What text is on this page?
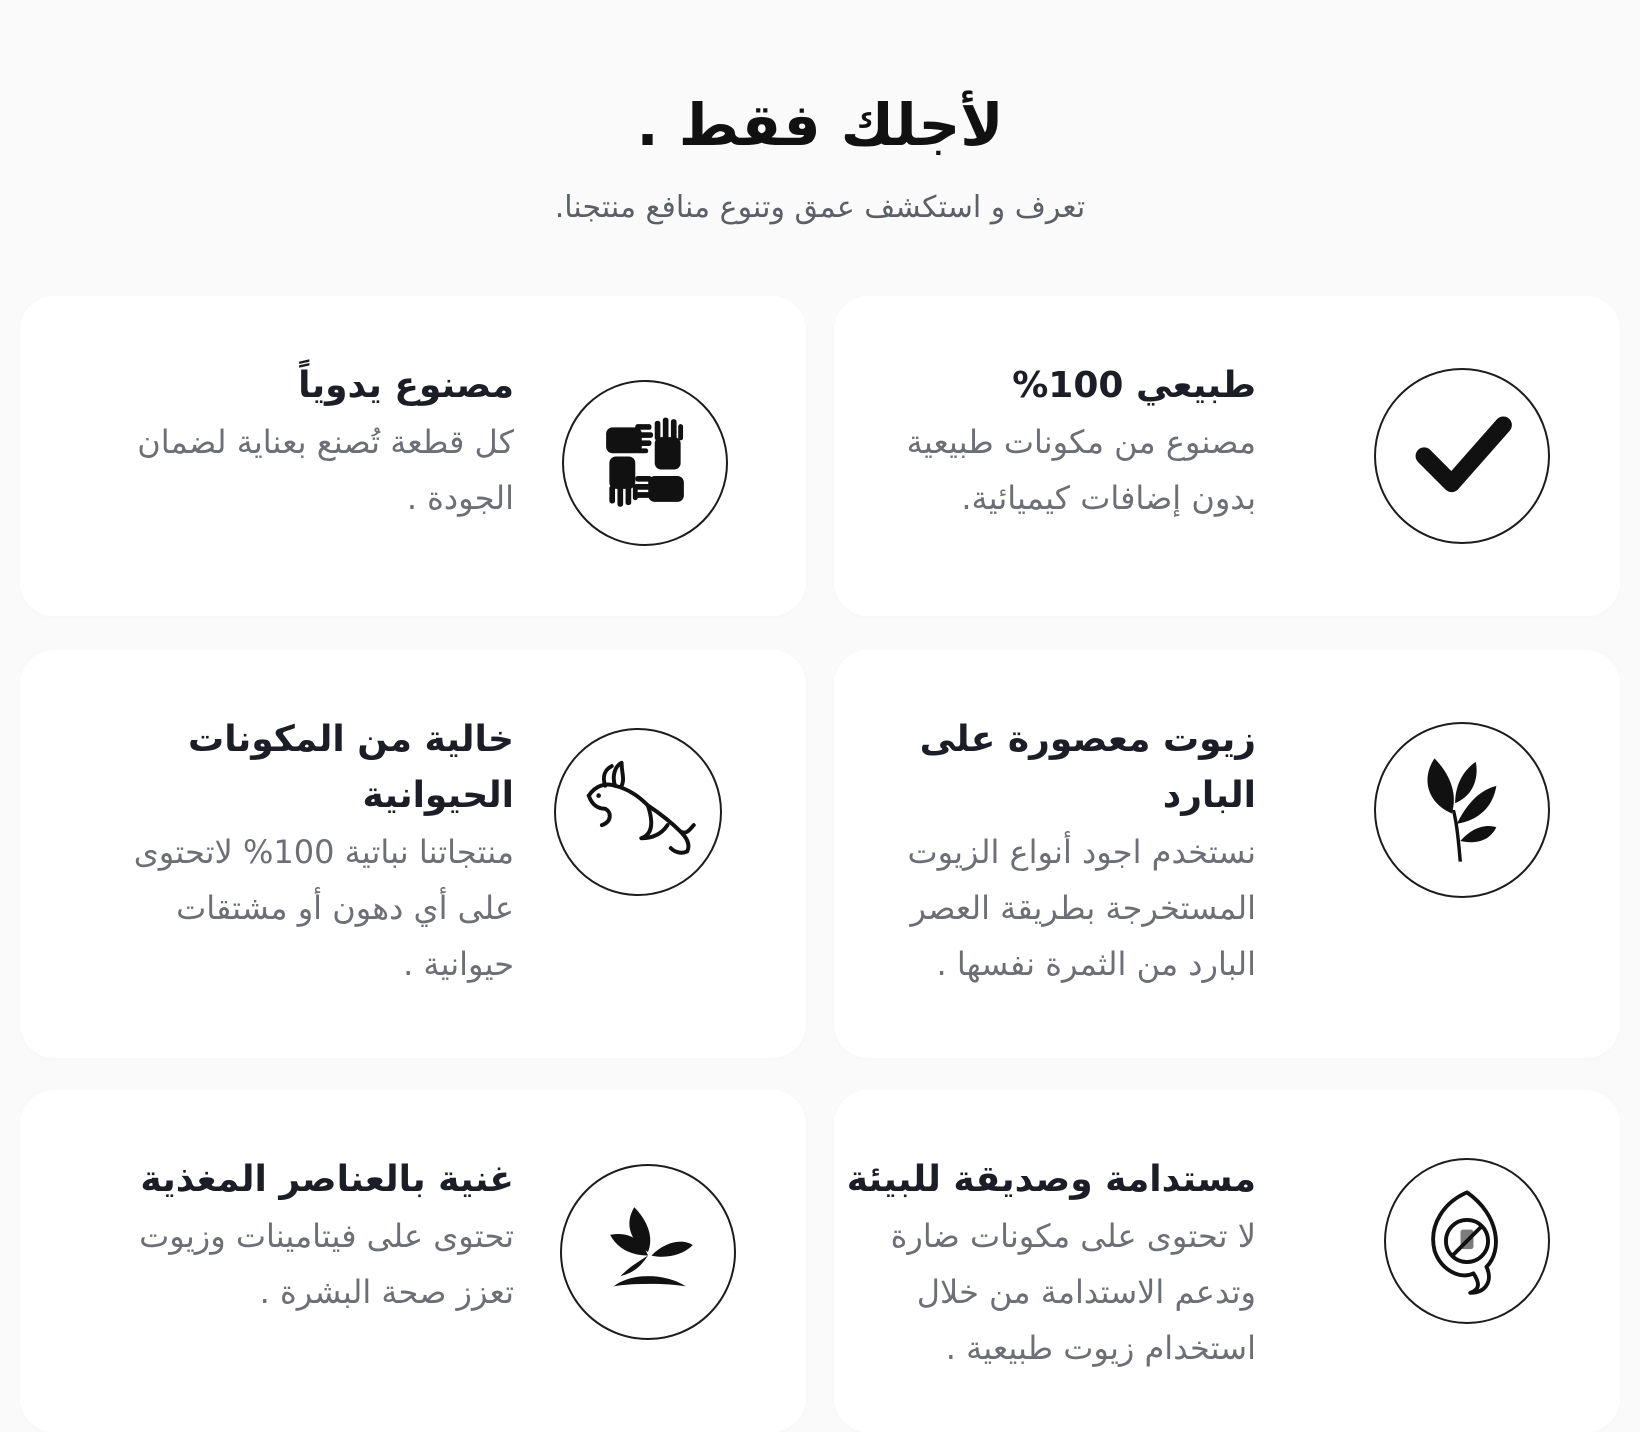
لأجلك فقط .

تعرف و استكشف عمق وتنوع منافع منتجنا.

طبيعي 100%

مصنوع من مكونات طبيعية بدون إضافات كيميائية.

مصنوع يدوياً

كل قطعة تُصنع بعناية لضمان الجودة .

زيوت معصورة على البارد

نستخدم اجود أنواع الزيوت المستخرجة بطريقة العصر البارد من الثمرة نفسها .

خالية من المكونات الحيوانية

منتجاتنا نباتية 100% لاتحتوى على أي دهون أو مشتقات حيوانية .

مستدامة وصديقة للبيئة

لا تحتوى على مكونات ضارة وتدعم الاستدامة من خلال استخدام زيوت طبيعية .

غنية بالعناصر المغذية

تحتوى على فيتامينات وزيوت تعزز صحة البشرة .
